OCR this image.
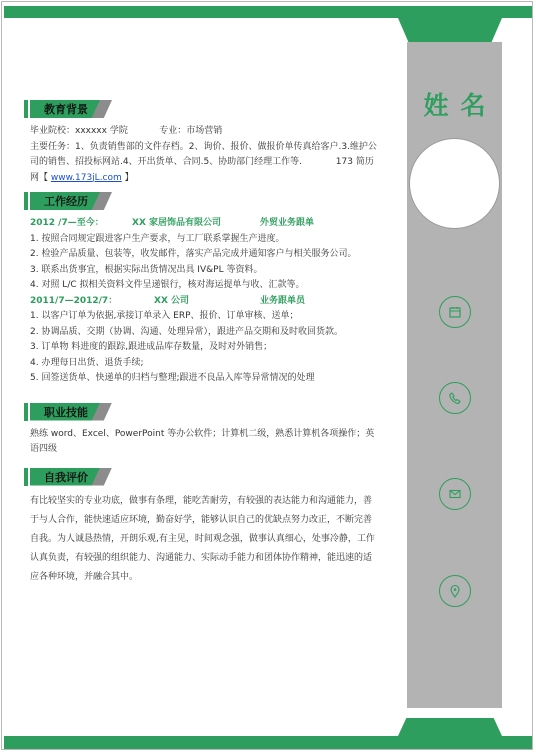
姓名
教育背景

毕业院校：xxxxxx 学院           专业：市场营销

主要任务：1、负责销售部的文件存档。2、询价、报价、做报价单传真给客户.3.维护公司的销售、招投标网站.4、开出货单、合同.5、协助部门经理工作等.	173 简历网【 www.173jL.com 】

工作经历
2012 /7—至今：	XX 家居饰品有限公司	外贸业务跟单

1. 按照合同规定跟进客户生产要求，与工厂联系掌握生产进度。

2. 检验产品质量、包装等，收发邮件，落实产品完成并通知客户与相关服务公司。

3. 联系出货事宜，根据实际出货情况出具 IV&PL 等资料。

4. 对照 L/C 拟相关资料文件呈递银行，核对海运提单与收、汇款等。

2011/7—2012/7：	XX 公司	业务跟单员

1. 以客户订单为依据,承接订单录入 ERP、报价、订单审核、送单；

2. 协调品质、交期（协调、沟通、处理异常），跟进产品交期和及时收回货款。

3. 订单物 料进度的跟踪,跟进成品库存数量，及时对外销售；

4. 办理每日出货、退货手续;

5. 回签送货单、快递单的归档与整理;跟进不良品入库等异常情况的处理

职业技能

熟练 word、Excel、PowerPoint 等办公软件；计算机二级，熟悉计算机各项操作；英语四级

自我评价

有比较坚实的专业功底，做事有条理，能吃苦耐劳，有较强的表达能力和沟通能力，善于与人合作，能快速适应环境，勤奋好学，能够认识自己的优缺点努力改正，不断完善自我。为人诚恳热情，开朗乐观,有主见，时间观念强，做事认真细心，处事冷静，工作认真负责，有较强的组织能力、沟通能力、实际动手能力和团体协作精神，能迅速的适应各种环境，并融合其中。
